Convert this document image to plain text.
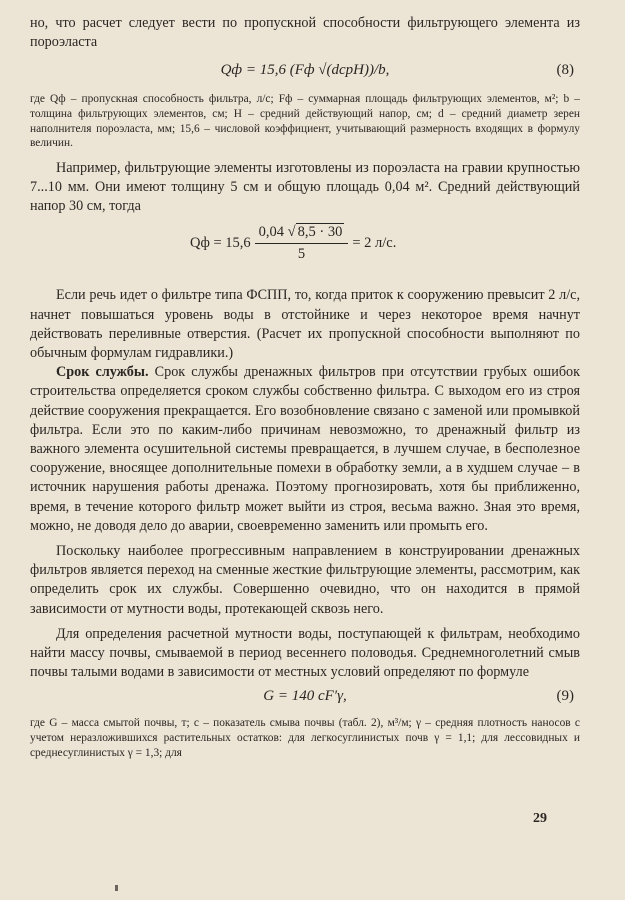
но, что расчет следует вести по пропускной способности фильтрующего элемента из пороэласта

Qф = 15,6 (Fф √(dсрH))/b,	(8)

где Qф – пропускная способность фильтра, л/с; Fф – суммарная площадь фильтрующих элементов, м²; b – толщина фильтрующих элементов, см; H – средний действующий напор, см; d – средний диаметр зерен наполнителя пороэласта, мм; 15,6 – числовой коэффициент, учитывающий размерность входящих в формулу величин.

Например, фильтрующие элементы изготовлены из пороэласта на гравии крупностью 7...10 мм. Они имеют толщину 5 см и общую площадь 0,04 м². Средний действующий напор 30 см, тогда

Qф = $15,6 \frac{0,04 √ 8,5 \cdot 30}{5} = 2$ л/с.

Если речь идет о фильтре типа ФСПП, то, когда приток к сооружению превысит 2 л/с, начнет повышаться уровень воды в отстойнике и через некоторое время начнут действовать переливные отверстия. (Расчет их пропускной способности выполняют по обычным формулам гидравлики.)

Срок службы. Срок службы дренажных фильтров при отсутствии грубых ошибок строительства определяется сроком службы собственно фильтра. С выходом его из строя действие сооружения прекращается. Его возобновление связано с заменой или промывкой фильтра. Если это по каким-либо причинам невозможно, то дренажный фильтр из важного элемента осушительной системы превращается, в лучшем случае, в бесполезное сооружение, вносящее дополнительные помехи в обработку земли, а в худшем случае – в источник нарушения работы дренажа. Поэтому прогнозировать, хотя бы приближенно, время, в течение которого фильтр может выйти из строя, весьма важно. Зная это время, можно, не доводя дело до аварии, своевременно заменить или промыть его.

Поскольку наиболее прогрессивным направлением в конструировании дренажных фильтров является переход на сменные жесткие фильтрующие элементы, рассмотрим, как определить срок их службы. Совершенно очевидно, что он находится в прямой зависимости от мутности воды, протекающей сквозь него.

Для определения расчетной мутности воды, поступающей к фильтрам, необходимо найти массу почвы, смываемой в период весеннего половодья. Среднемноголетний смыв почвы талыми водами в зависимости от местных условий определяют по формуле

G = 140 cF′γ,	(9)

где G – масса смытой почвы, т; c – показатель смыва почвы (табл. 2), м³/м; γ – средняя плотность наносов с учетом неразложившихся растительных остатков: для легкосуглинистых почв γ = 1,1; для лессовидных и среднесуглинистых γ = 1,3; для

29
